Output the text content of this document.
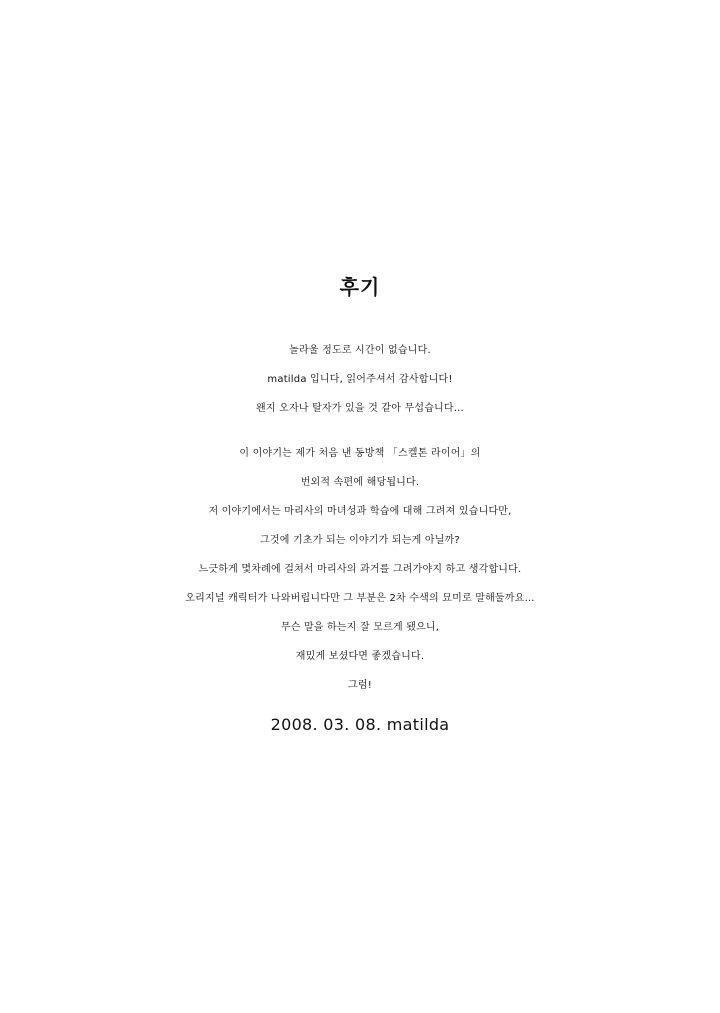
후기
놀라울 정도로 시간이 없습니다.
matilda 입니다, 읽어주셔서 감사합니다!
왠지 오자나 탈자가 있을 것 같아 무섭습니다…
이 이야기는 제가 처음 낸 동방책 「스켈톤 라이어」의
번외적 속편에 해당됩니다.
저 이야기에서는 마리사의 마녀성과 학습에 대해 그려져 있습니다만,
그것에 기초가 되는 이야기가 되는게 아닐까?
느긋하게 몇차례에 걸쳐서 마리사의 과거를 그려가야지 하고 생각합니다.
오리지널 캐릭터가 나와버립니다만 그 부분은 2차 수색의 묘미로 말해둘까요…
무슨 말을 하는지 잘 모르게 됐으니,
재밌게 보셨다면 좋겠습니다.
그럼!
2008. 03. 08. matilda
